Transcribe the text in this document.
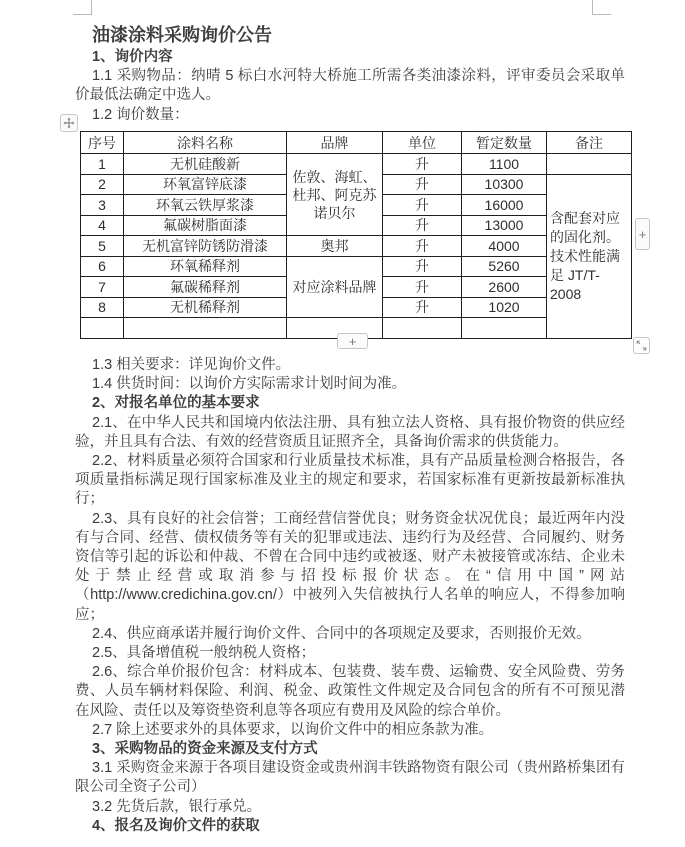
油漆涂料采购询价公告

1、询价内容

1.1 采购物品：纳晴 5 标白水河特大桥施工所需各类油漆涂料，评审委员会采取单价最低法确定中选人。

1.2 询价数量：

序号	涂料名称	品牌	单位	暂定数量	备注
1	无机硅酸新	佐敦、海虹、杜邦、阿克苏诺贝尔	升	1100	
2	环氧富锌底漆		升	10300	含配套对应的固化剂。技术性能满足 JT/T-2008
3	环氧云铁厚浆漆		升	16000	
4	氟碳树脂面漆		升	13000	
5	无机富锌防锈防滑漆	奥邦	升	4000	
6	环氧稀释剂	对应涂料品牌	升	5260	
7	氟碳稀释剂		升	2600	
8	无机稀释剂		升	1020	

+
+

1.3 相关要求：详见询价文件。

1.4 供货时间：以询价方实际需求计划时间为准。

2、对报名单位的基本要求

2.1、在中华人民共和国境内依法注册、具有独立法人资格、具有报价物资的供应经验，并且具有合法、有效的经营资质且证照齐全，具备询价需求的供货能力。

2.2、材料质量必须符合国家和行业质量技术标准，具有产品质量检测合格报告，各项质量指标满足现行国家标准及业主的规定和要求，若国家标准有更新按最新标准执行；

2.3、具有良好的社会信誉；工商经营信誉优良；财务资金状况优良；最近两年内没有与合同、经营、债权债务等有关的犯罪或违法、违约行为及经营、合同履约、财务资信等引起的诉讼和仲裁、不曾在合同中违约或被逐、财产未被接管或冻结、企业未处于禁止经营或取消参与招投标报价状态。在“信用中国”网站（http://www.credichina.gov.cn/）中被列入失信被执行人名单的响应人，不得参加响应；

2.4、供应商承诺并履行询价文件、合同中的各项规定及要求，否则报价无效。

2.5、具备增值税一般纳税人资格；

2.6、综合单价报价包含：材料成本、包装费、装车费、运输费、安全风险费、劳务费、人员车辆材料保险、利润、税金、政策性文件规定及合同包含的所有不可预见潜在风险、责任以及筹资垫资利息等各项应有费用及风险的综合单价。

2.7 除上述要求外的具体要求，以询价文件中的相应条款为准。

3、采购物品的资金来源及支付方式

3.1 采购资金来源于各项目建设资金或贵州润丰铁路物资有限公司（贵州路桥集团有限公司全资子公司）

3.2 先货后款，银行承兑。

4、报名及询价文件的获取
